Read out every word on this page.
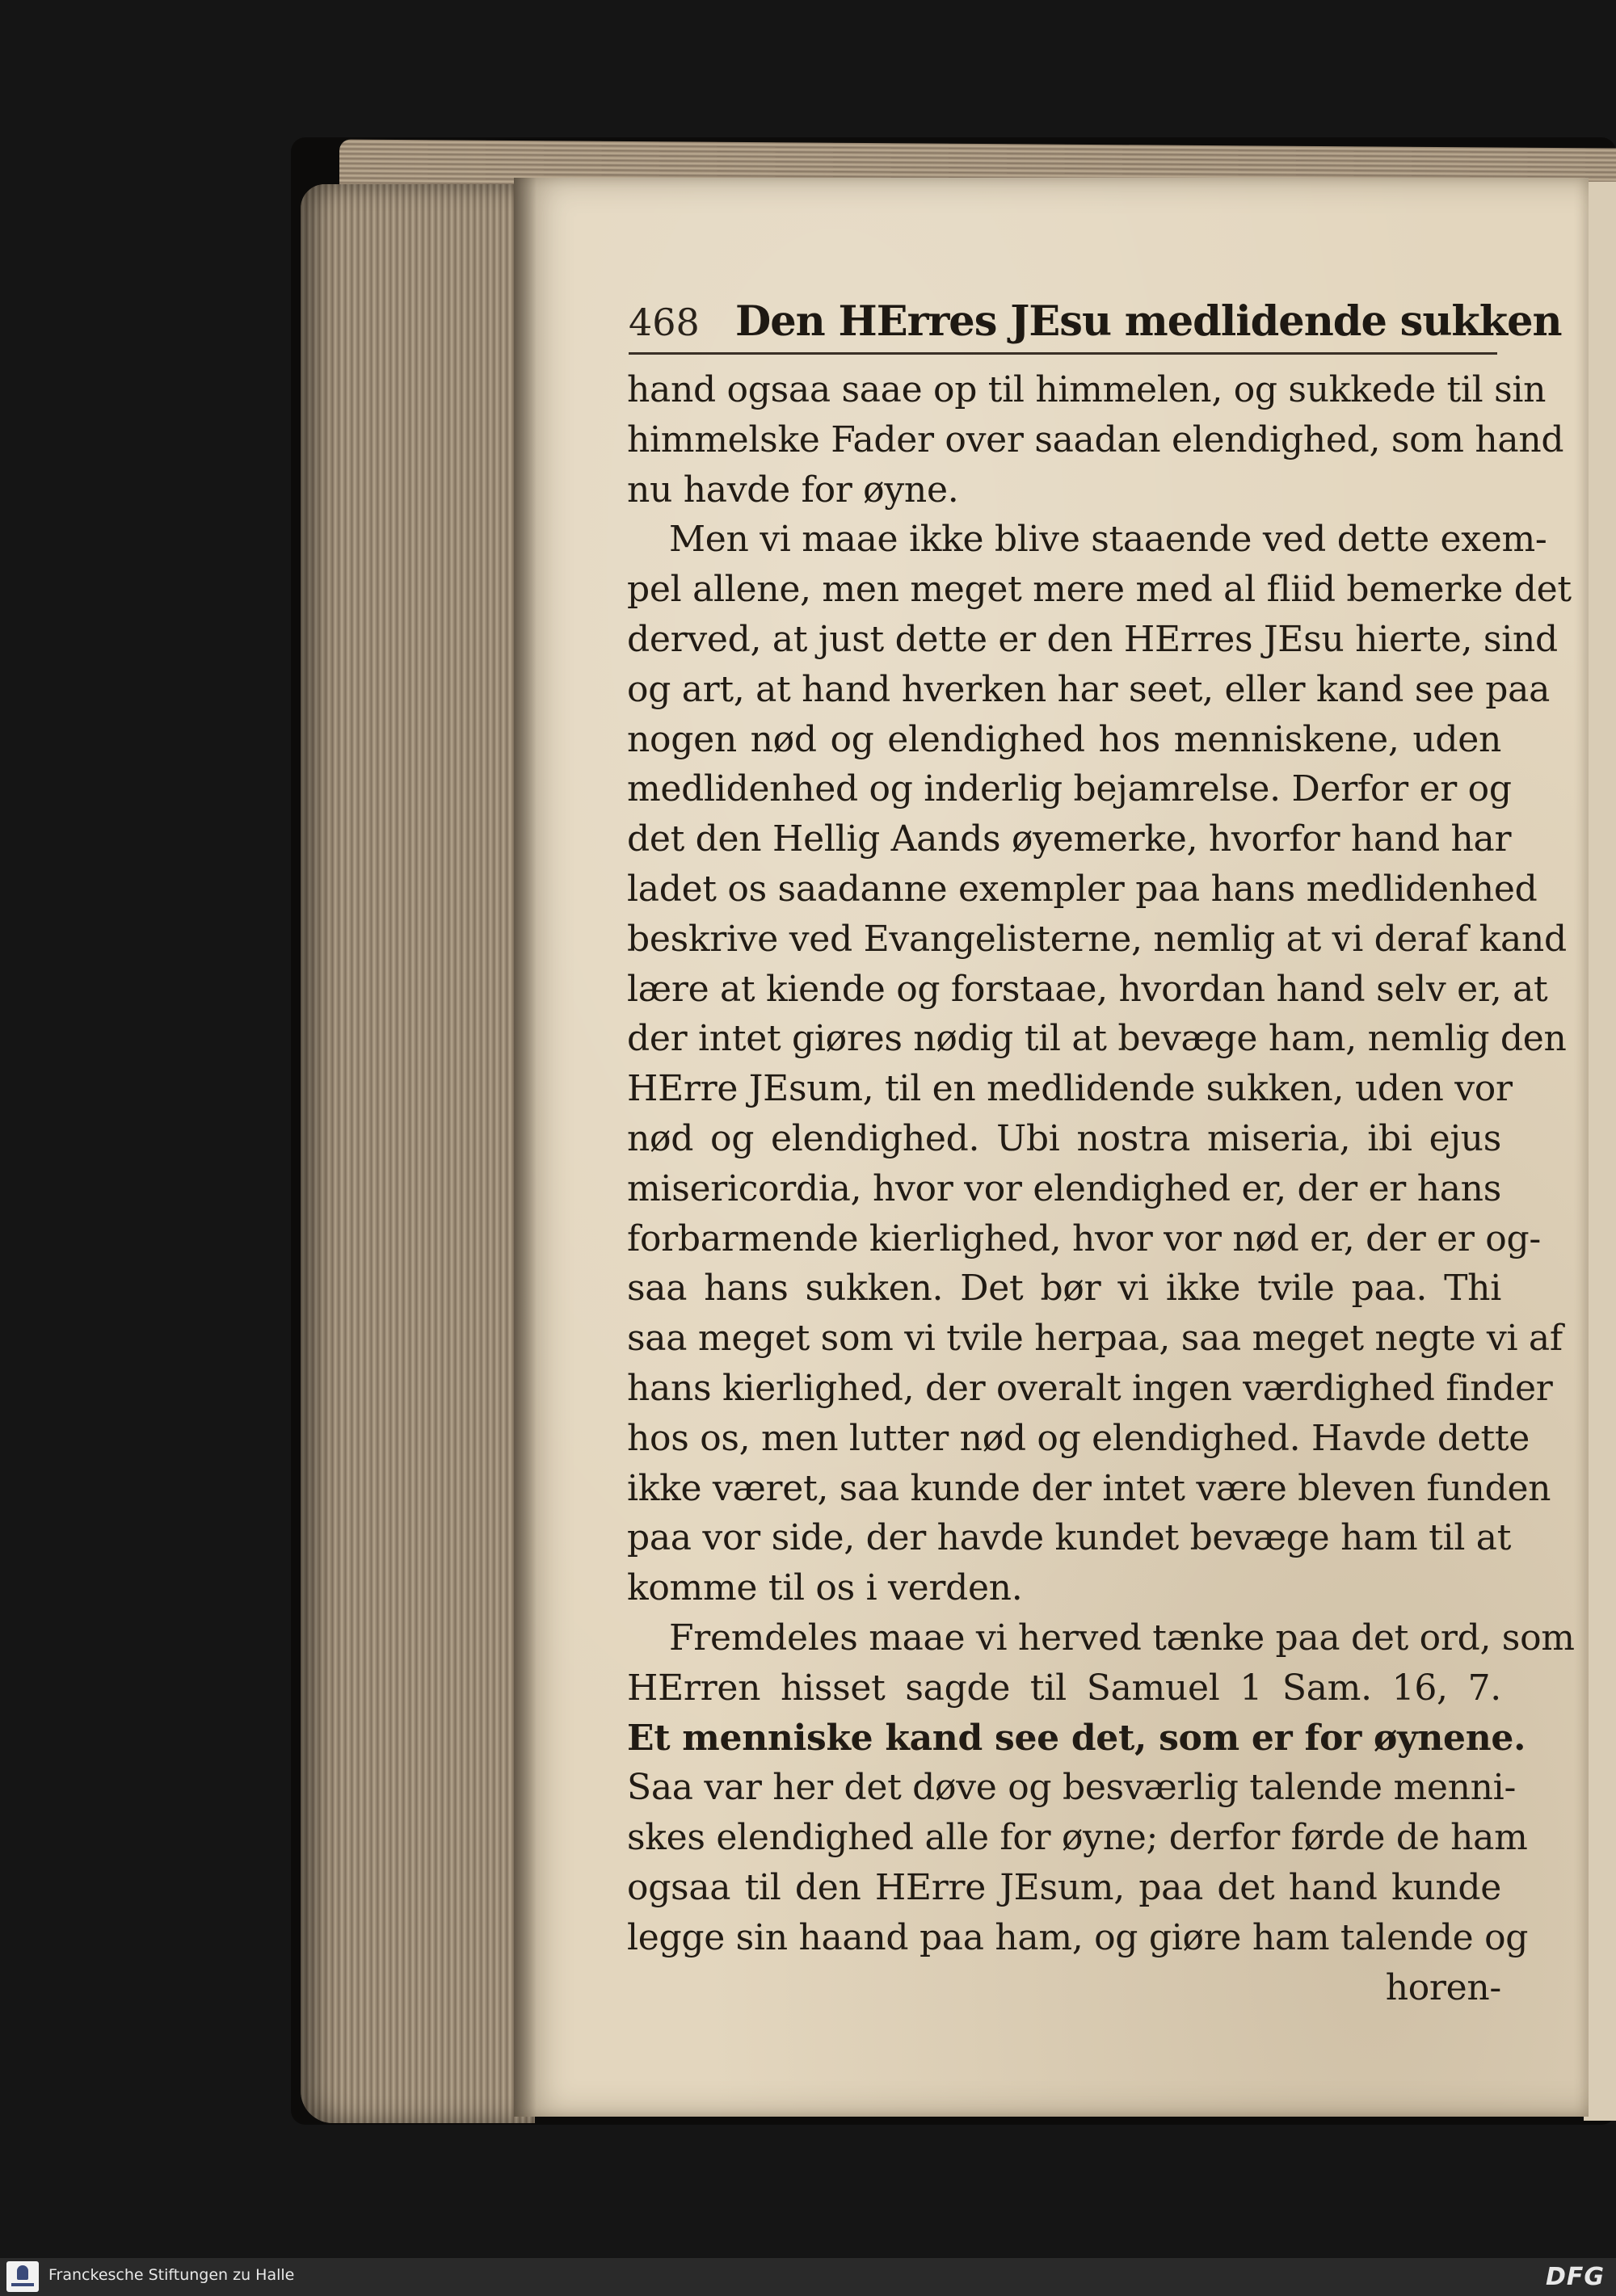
468 Den HErres JEsu medlidende sukken
hand ogsaa saae op til himmelen, og sukkede til sin
himmelske Fader over saadan elendighed, som hand
nu havde for øyne.
Men vi maae ikke blive staaende ved dette exem-
pel allene, men meget mere med al fliid bemerke det
derved, at just dette er den HErres JEsu hierte, sind
og art, at hand hverken har seet, eller kand see paa
nogen nød og elendighed hos menniskene, uden
medlidenhed og inderlig bejamrelse. Derfor er og
det den Hellig Aands øyemerke, hvorfor hand har
ladet os saadanne exempler paa hans medlidenhed
beskrive ved Evangelisterne, nemlig at vi deraf kand
lære at kiende og forstaae, hvordan hand selv er, at
der intet giøres nødig til at bevæge ham, nemlig den
HErre JEsum, til en medlidende sukken, uden vor
nød og elendighed. Ubi nostra miseria, ibi ejus
misericordia, hvor vor elendighed er, der er hans
forbarmende kierlighed, hvor vor nød er, der er og-
saa hans sukken. Det bør vi ikke tvile paa. Thi
saa meget som vi tvile herpaa, saa meget negte vi af
hans kierlighed, der overalt ingen værdighed finder
hos os, men lutter nød og elendighed. Havde dette
ikke været, saa kunde der intet være bleven funden
paa vor side, der havde kundet bevæge ham til at
komme til os i verden.
Fremdeles maae vi herved tænke paa det ord, som
HErren hisset sagde til Samuel 1 Sam. 16, 7.
Et menniske kand see det, som er for øynene.
Saa var her det døve og besværlig talende menni-
skes elendighed alle for øyne; derfor førde de ham
ogsaa til den HErre JEsum, paa det hand kunde
legge sin haand paa ham, og giøre ham talende og
horen-
Franckesche Stiftungen zu Halle	DFG
